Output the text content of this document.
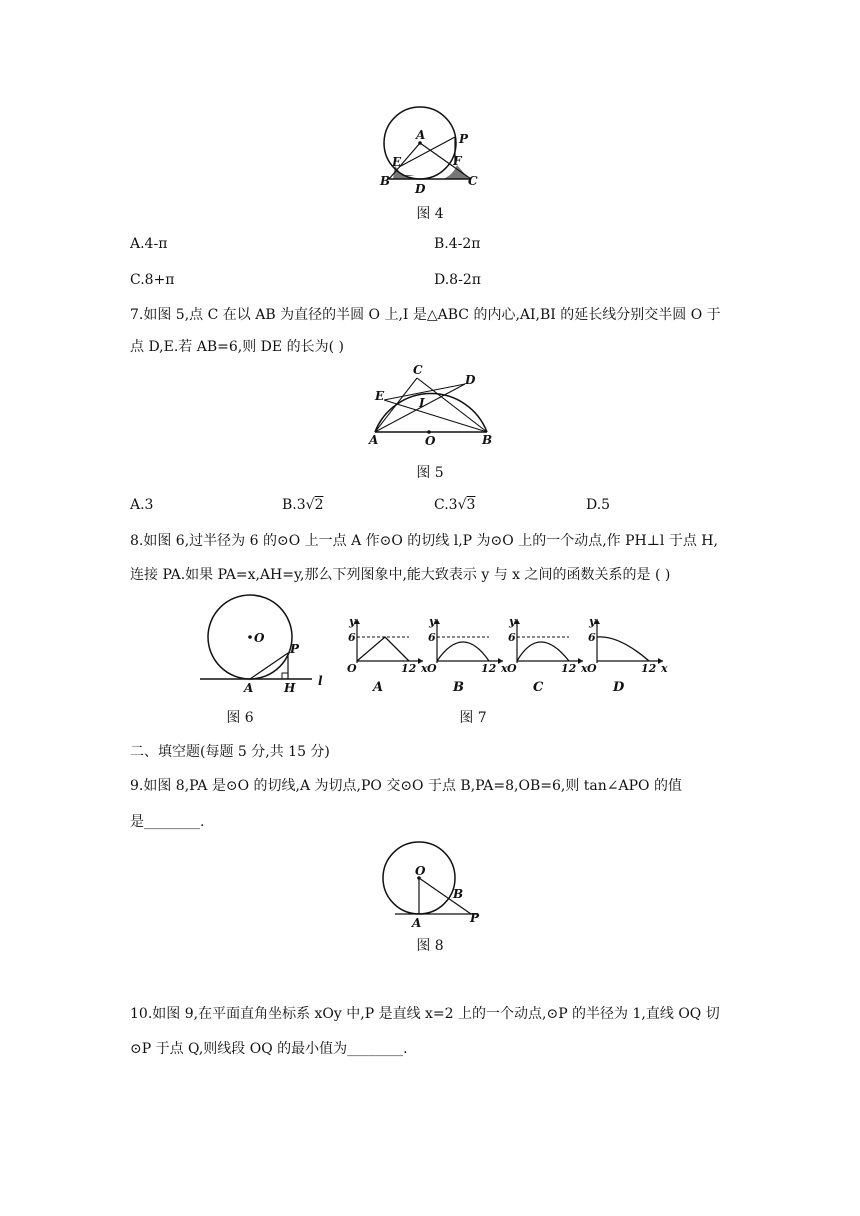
A	P
E	F
B	C
D
图 4
A.4-π	B.4-2π
C.8+π	D.8-2π
7.如图 5,点 C 在以 AB 为直径的半圆 O 上,I 是△ABC 的内心,AI,BI 的延长线分别交半圆 O 于
点 D,E.若 AB=6,则 DE 的长为( )
C
D
E	I
A	O	B
图 5
A.3	B.3√2	C.3√3	D.5
8.如图 6,过半径为 6 的⊙O 上一点 A 作⊙O 的切线 l,P 为⊙O 上的一个动点,作 PH⊥l 于点 H,
连接 PA.如果 PA=x,AH=y,那么下列图象中,能大致表示 y 与 x 之间的函数关系的是 ( )
O
P
A	H l
y
6
O	12 x
A
y
6
O	12 x
B
y
6
O	12 x
C
y
6
O	12 x
D
图 6	图 7
二、填空题(每题 5 分,共 15 分)
9.如图 8,PA 是⊙O 的切线,A 为切点,PO 交⊙O 于点 B,PA=8,OB=6,则 tan∠APO 的值
是________.
O
B
A	P
图 8
10.如图 9,在平面直角坐标系 xOy 中,P 是直线 x=2 上的一个动点,⊙P 的半径为 1,直线 OQ 切
⊙P 于点 Q,则线段 OQ 的最小值为________.
